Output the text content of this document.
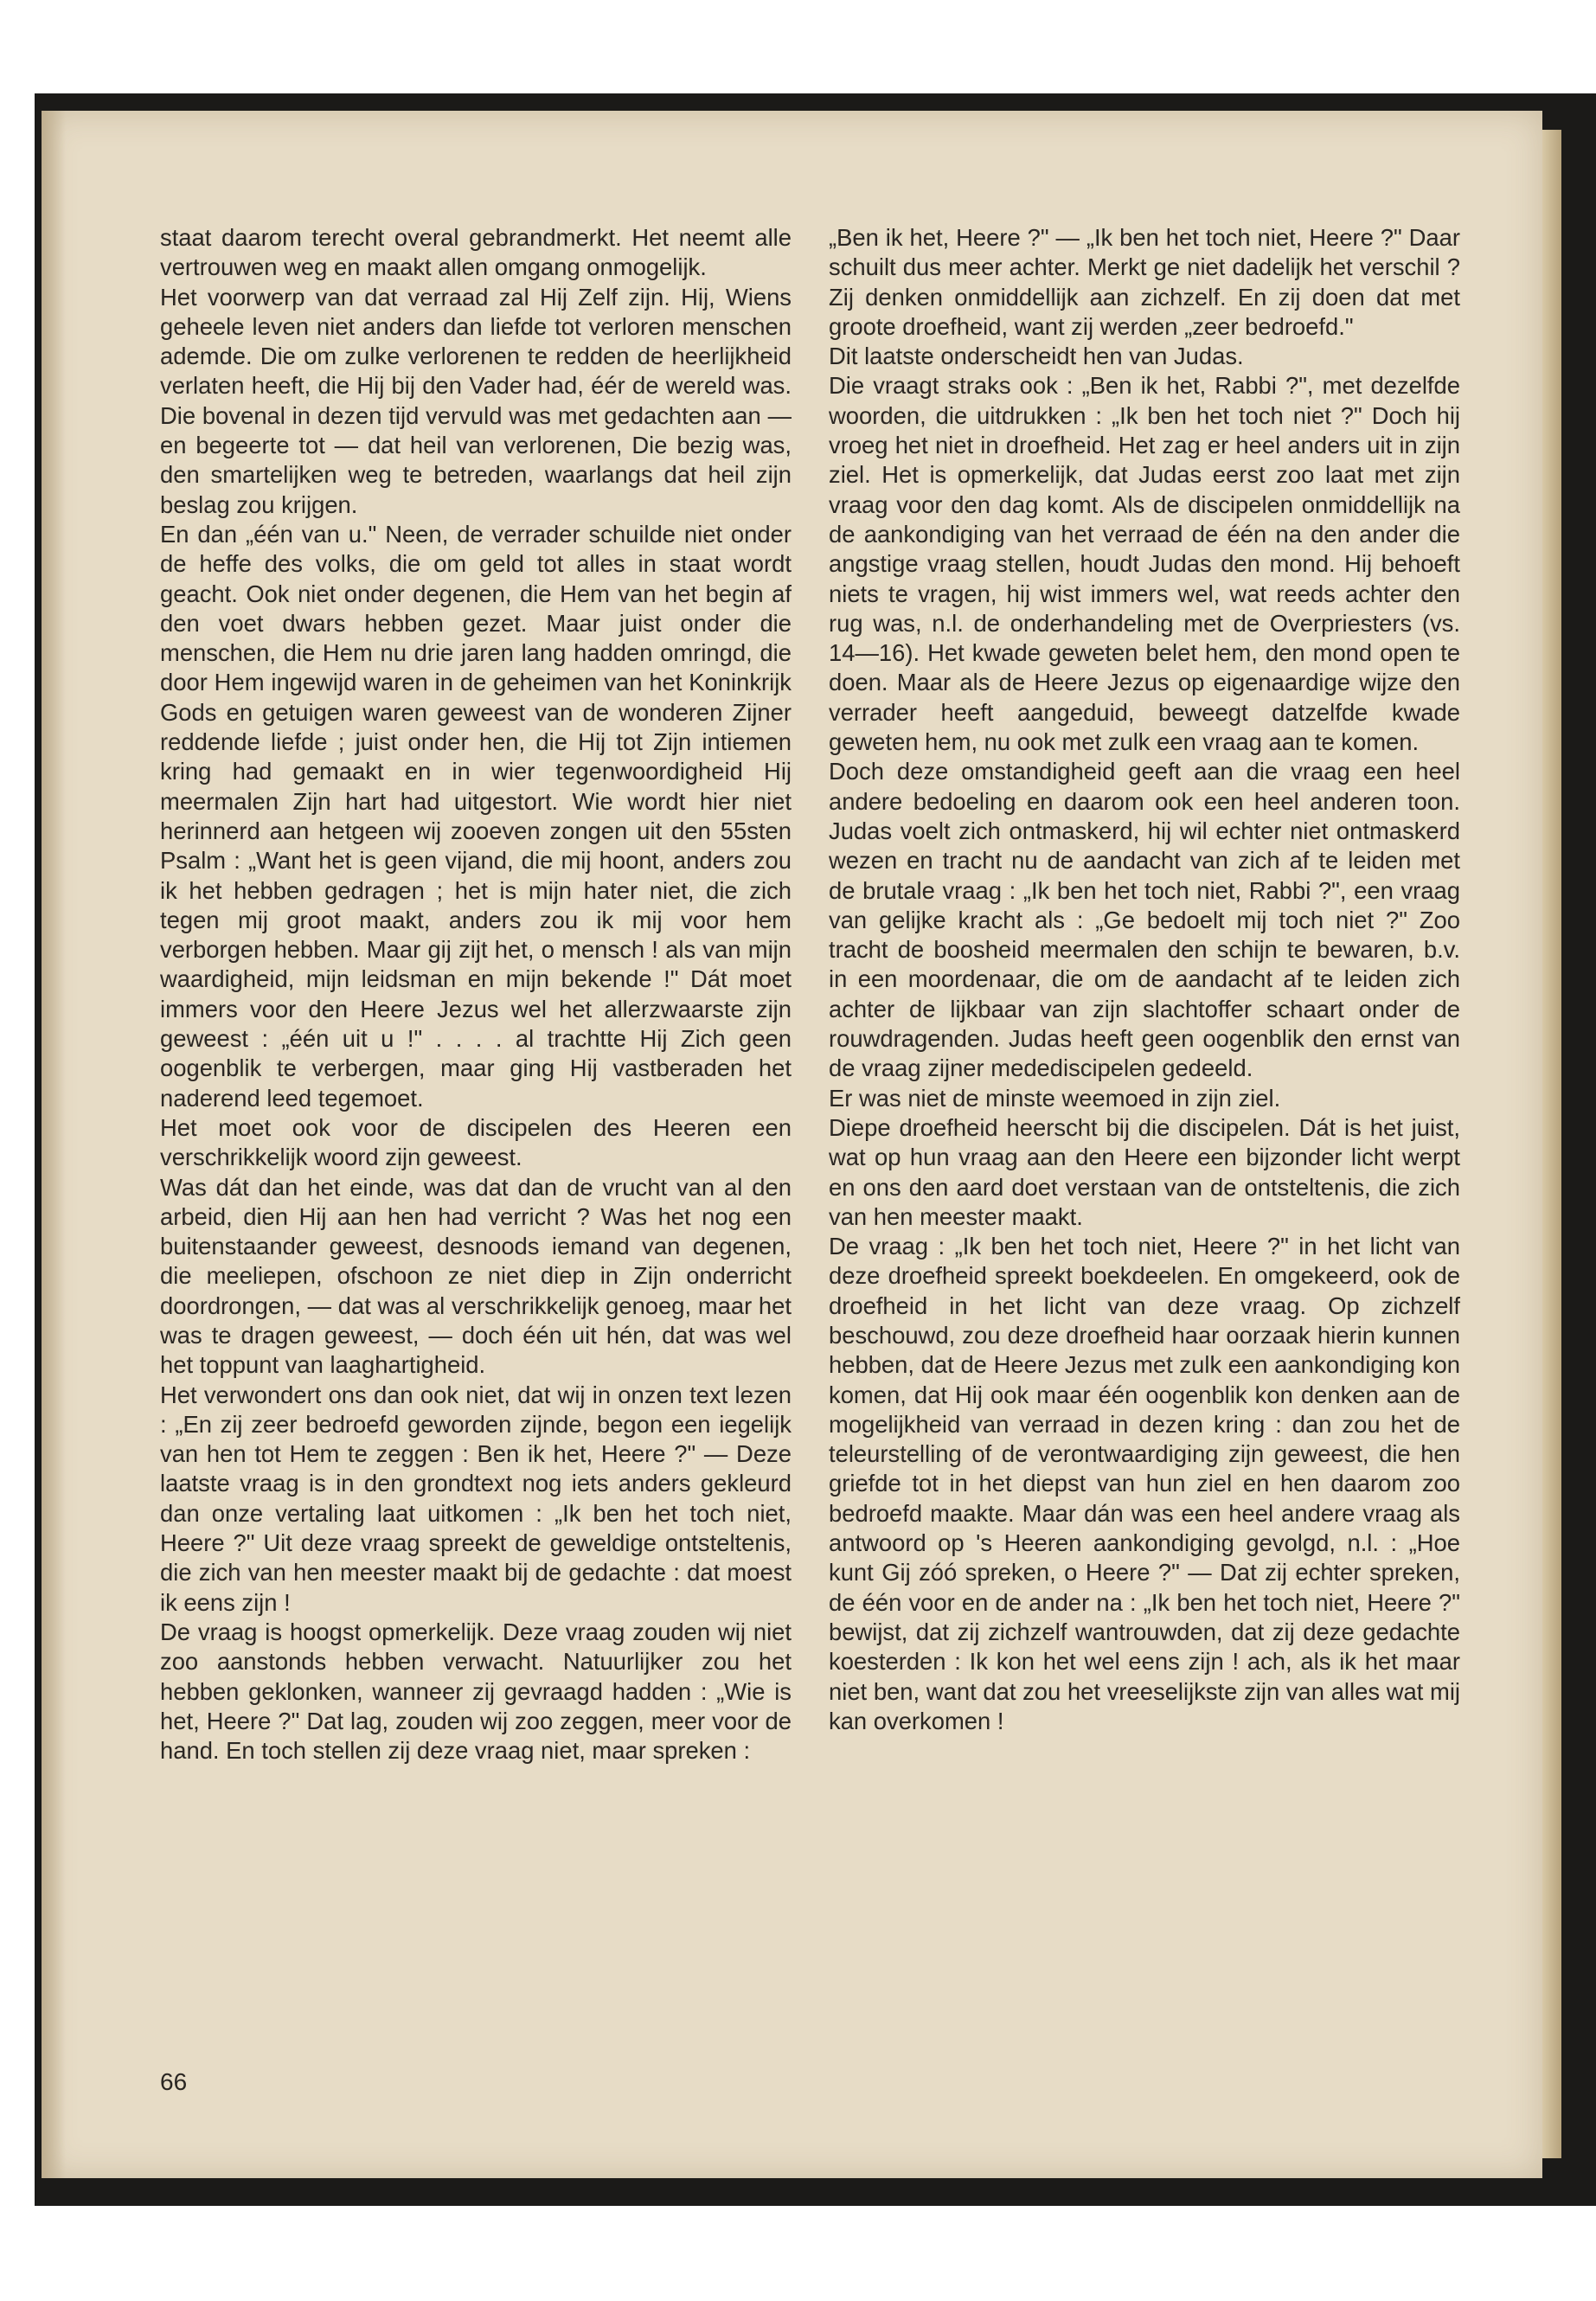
staat daarom terecht overal gebrandmerkt. Het neemt alle vertrouwen weg en maakt allen omgang onmogelijk.

Het voorwerp van dat verraad zal Hij Zelf zijn. Hij, Wiens geheele leven niet anders dan liefde tot verloren menschen ademde. Die om zulke verlorenen te redden de heerlijkheid verlaten heeft, die Hij bij den Vader had, éér de wereld was. Die bovenal in dezen tijd vervuld was met gedachten aan — en begeerte tot — dat heil van verlorenen, Die bezig was, den smartelijken weg te betreden, waarlangs dat heil zijn beslag zou krijgen.

En dan „één van u." Neen, de verrader schuilde niet onder de heffe des volks, die om geld tot alles in staat wordt geacht. Ook niet onder degenen, die Hem van het begin af den voet dwars hebben gezet. Maar juist onder die menschen, die Hem nu drie jaren lang hadden omringd, die door Hem ingewijd waren in de geheimen van het Koninkrijk Gods en getuigen waren geweest van de wonderen Zijner reddende liefde ; juist onder hen, die Hij tot Zijn intiemen kring had gemaakt en in wier tegenwoordigheid Hij meermalen Zijn hart had uitgestort. Wie wordt hier niet herinnerd aan hetgeen wij zooeven zongen uit den 55sten Psalm : „Want het is geen vijand, die mij hoont, anders zou ik het hebben gedragen ; het is mijn hater niet, die zich tegen mij groot maakt, anders zou ik mij voor hem verborgen hebben. Maar gij zijt het, o mensch ! als van mijn waardigheid, mijn leidsman en mijn bekende !" Dát moet immers voor den Heere Jezus wel het allerzwaarste zijn geweest : „één uit u !" . . . . al trachtte Hij Zich geen oogenblik te verbergen, maar ging Hij vastberaden het naderend leed tegemoet.

Het moet ook voor de discipelen des Heeren een verschrikkelijk woord zijn geweest.

Was dát dan het einde, was dat dan de vrucht van al den arbeid, dien Hij aan hen had verricht ? Was het nog een buitenstaander geweest, desnoods iemand van degenen, die meeliepen, ofschoon ze niet diep in Zijn onderricht doordrongen, — dat was al verschrikkelijk genoeg, maar het was te dragen geweest, — doch één uit hén, dat was wel het toppunt van laaghartigheid.

Het verwondert ons dan ook niet, dat wij in onzen text lezen : „En zij zeer bedroefd geworden zijnde, begon een iegelijk van hen tot Hem te zeggen : Ben ik het, Heere ?" — Deze laatste vraag is in den grondtext nog iets anders gekleurd dan onze vertaling laat uitkomen : „Ik ben het toch niet, Heere ?" Uit deze vraag spreekt de geweldige ontsteltenis, die zich van hen meester maakt bij de gedachte : dat moest ik eens zijn !

De vraag is hoogst opmerkelijk. Deze vraag zouden wij niet zoo aanstonds hebben verwacht. Natuurlijker zou het hebben geklonken, wanneer zij gevraagd hadden : „Wie is het, Heere ?" Dat lag, zouden wij zoo zeggen, meer voor de hand. En toch stellen zij deze vraag niet, maar spreken :

„Ben ik het, Heere ?" — „Ik ben het toch niet, Heere ?" Daar schuilt dus meer achter. Merkt ge niet dadelijk het verschil ? Zij denken onmiddellijk aan zichzelf. En zij doen dat met groote droefheid, want zij werden „zeer bedroefd."

Dit laatste onderscheidt hen van Judas.

Die vraagt straks ook : „Ben ik het, Rabbi ?", met dezelfde woorden, die uitdrukken : „Ik ben het toch niet ?" Doch hij vroeg het niet in droefheid. Het zag er heel anders uit in zijn ziel. Het is opmerkelijk, dat Judas eerst zoo laat met zijn vraag voor den dag komt. Als de discipelen onmiddellijk na de aankondiging van het verraad de één na den ander die angstige vraag stellen, houdt Judas den mond. Hij behoeft niets te vragen, hij wist immers wel, wat reeds achter den rug was, n.l. de onderhandeling met de Overpriesters (vs. 14—16). Het kwade geweten belet hem, den mond open te doen. Maar als de Heere Jezus op eigenaardige wijze den verrader heeft aangeduid, beweegt datzelfde kwade geweten hem, nu ook met zulk een vraag aan te komen.

Doch deze omstandigheid geeft aan die vraag een heel andere bedoeling en daarom ook een heel anderen toon. Judas voelt zich ontmaskerd, hij wil echter niet ontmaskerd wezen en tracht nu de aandacht van zich af te leiden met de brutale vraag : „Ik ben het toch niet, Rabbi ?", een vraag van gelijke kracht als : „Ge bedoelt mij toch niet ?" Zoo tracht de boosheid meermalen den schijn te bewaren, b.v. in een moordenaar, die om de aandacht af te leiden zich achter de lijkbaar van zijn slachtoffer schaart onder de rouwdragenden. Judas heeft geen oogenblik den ernst van de vraag zijner medediscipelen gedeeld.

Er was niet de minste weemoed in zijn ziel.

Diepe droefheid heerscht bij die discipelen. Dát is het juist, wat op hun vraag aan den Heere een bijzonder licht werpt en ons den aard doet verstaan van de ontsteltenis, die zich van hen meester maakt.

De vraag : „Ik ben het toch niet, Heere ?" in het licht van deze droefheid spreekt boekdeelen. En omgekeerd, ook de droefheid in het licht van deze vraag. Op zichzelf beschouwd, zou deze droefheid haar oorzaak hierin kunnen hebben, dat de Heere Jezus met zulk een aankondiging kon komen, dat Hij ook maar één oogenblik kon denken aan de mogelijkheid van verraad in dezen kring : dan zou het de teleurstelling of de verontwaardiging zijn geweest, die hen griefde tot in het diepst van hun ziel en hen daarom zoo bedroefd maakte. Maar dán was een heel andere vraag als antwoord op 's Heeren aankondiging gevolgd, n.l. : „Hoe kunt Gij zóó spreken, o Heere ?" — Dat zij echter spreken, de één voor en de ander na : „Ik ben het toch niet, Heere ?" bewijst, dat zij zichzelf wantrouwden, dat zij deze gedachte koesterden : Ik kon het wel eens zijn ! ach, als ik het maar niet ben, want dat zou het vreeselijkste zijn van alles wat mij kan overkomen !

66
